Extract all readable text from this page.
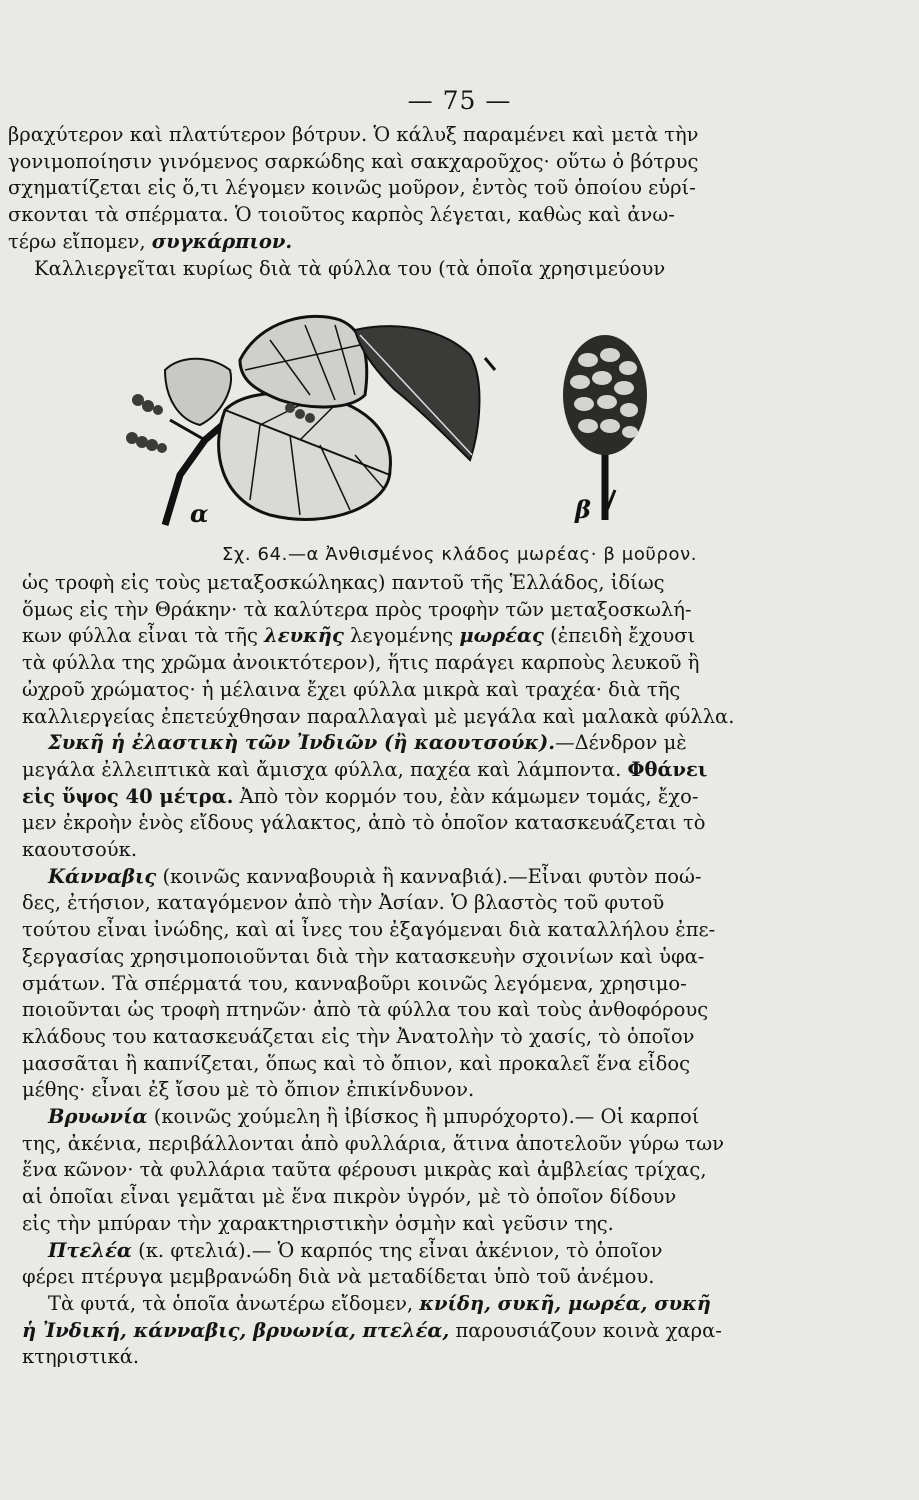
— 75 —

βραχύτερον καὶ πλατύτερον βότρυν. Ὁ κάλυξ παραμένει καὶ μετὰ τὴν

γονιμοποίησιν γινόμενος σαρκώδης καὶ σακχαροῦχος· οὕτω ὁ βότρυς

σχηματίζεται εἰς ὅ,τι λέγομεν κοινῶς μοῦρον, ἐντὸς τοῦ ὁποίου εὑρί-

σκονται τὰ σπέρματα. Ὁ τοιοῦτος καρπὸς λέγεται, καθὼς καὶ ἀνω-

τέρω εἴπομεν, συγκάρπιον.

Καλλιεργεῖται κυρίως διὰ τὰ φύλλα του (τὰ ὁποῖα χρησιμεύουν

α	β
Σχ. 64.—α Ἀνθισμένος κλάδος μωρέας· β μοῦρον.

ὡς τροφὴ εἰς τοὺς μεταξοσκώληκας) παντοῦ τῆς Ἑλλάδος, ἰδίως

ὅμως εἰς τὴν Θράκην· τὰ καλύτερα πρὸς τροφὴν τῶν μεταξοσκωλή-

κων φύλλα εἶναι τὰ τῆς λευκῆς λεγομένης μωρέας (ἐπειδὴ ἔχουσι

τὰ φύλλα της χρῶμα ἀνοικτότερον), ἥτις παράγει καρποὺς λευκοῦ ἢ

ὠχροῦ χρώματος· ἡ μέλαινα ἔχει φύλλα μικρὰ καὶ τραχέα· διὰ τῆς

καλλιεργείας ἐπετεύχθησαν παραλλαγαὶ μὲ μεγάλα καὶ μαλακὰ φύλλα.

Συκῆ ἡ ἐλαστικὴ τῶν Ἰνδιῶν (ἢ καουτσούκ).—Δένδρον μὲ

μεγάλα ἐλλειπτικὰ καὶ ἄμισχα φύλλα, παχέα καὶ λάμποντα. Φθάνει

εἰς ὕψος 40 μέτρα. Ἀπὸ τὸν κορμόν του, ἐὰν κάμωμεν τομάς, ἔχο-

μεν ἐκροὴν ἑνὸς εἴδους γάλακτος, ἀπὸ τὸ ὁποῖον κατασκευάζεται τὸ

καουτσούκ.

Κάνναβις (κοινῶς κανναβουριὰ ἢ κανναβιά).—Εἶναι φυτὸν ποώ-

δες, ἐτήσιον, καταγόμενον ἀπὸ τὴν Ἀσίαν. Ὁ βλαστὸς τοῦ φυτοῦ

τούτου εἶναι ἰνώδης, καὶ αἱ ἶνες του ἐξαγόμεναι διὰ καταλλήλου ἐπε-

ξεργασίας χρησιμοποιοῦνται διὰ τὴν κατασκευὴν σχοινίων καὶ ὑφα-

σμάτων. Τὰ σπέρματά του, κανναβοῦρι κοινῶς λεγόμενα, χρησιμο-

ποιοῦνται ὡς τροφὴ πτηνῶν· ἀπὸ τὰ φύλλα του καὶ τοὺς ἀνθοφόρους

κλάδους του κατασκευάζεται εἰς τὴν Ἀνατολὴν τὸ χασίς, τὸ ὁποῖον

μασσᾶται ἢ καπνίζεται, ὅπως καὶ τὸ ὄπιον, καὶ προκαλεῖ ἕνα εἶδος

μέθης· εἶναι ἐξ ἴσου μὲ τὸ ὄπιον ἐπικίνδυνον.

Βρυωνία (κοινῶς χούμελη ἢ ἰβίσκος ἢ μπυρόχορτο).— Οἱ καρποί

της, ἀκένια, περιβάλλονται ἀπὸ φυλλάρια, ἅτινα ἀποτελοῦν γύρω των

ἕνα κῶνον· τὰ φυλλάρια ταῦτα φέρουσι μικρὰς καὶ ἀμβλείας τρίχας,

αἱ ὁποῖαι εἶναι γεμᾶται μὲ ἕνα πικρὸν ὑγρόν, μὲ τὸ ὁποῖον δίδουν

εἰς τὴν μπύραν τὴν χαρακτηριστικὴν ὀσμὴν καὶ γεῦσιν της.

Πτελέα (κ. φτελιά).— Ὁ καρπός της εἶναι ἀκένιον, τὸ ὁποῖον

φέρει πτέρυγα μεμβρανώδη διὰ νὰ μεταδίδεται ὑπὸ τοῦ ἀνέμου.

Τὰ φυτά, τὰ ὁποῖα ἀνωτέρω εἴδομεν, κνίδη, συκῆ, μωρέα, συκῆ

ἡ Ἰνδική, κάνναβις, βρυωνία, πτελέα, παρουσιάζουν κοινὰ χαρα-

κτηριστικά.
